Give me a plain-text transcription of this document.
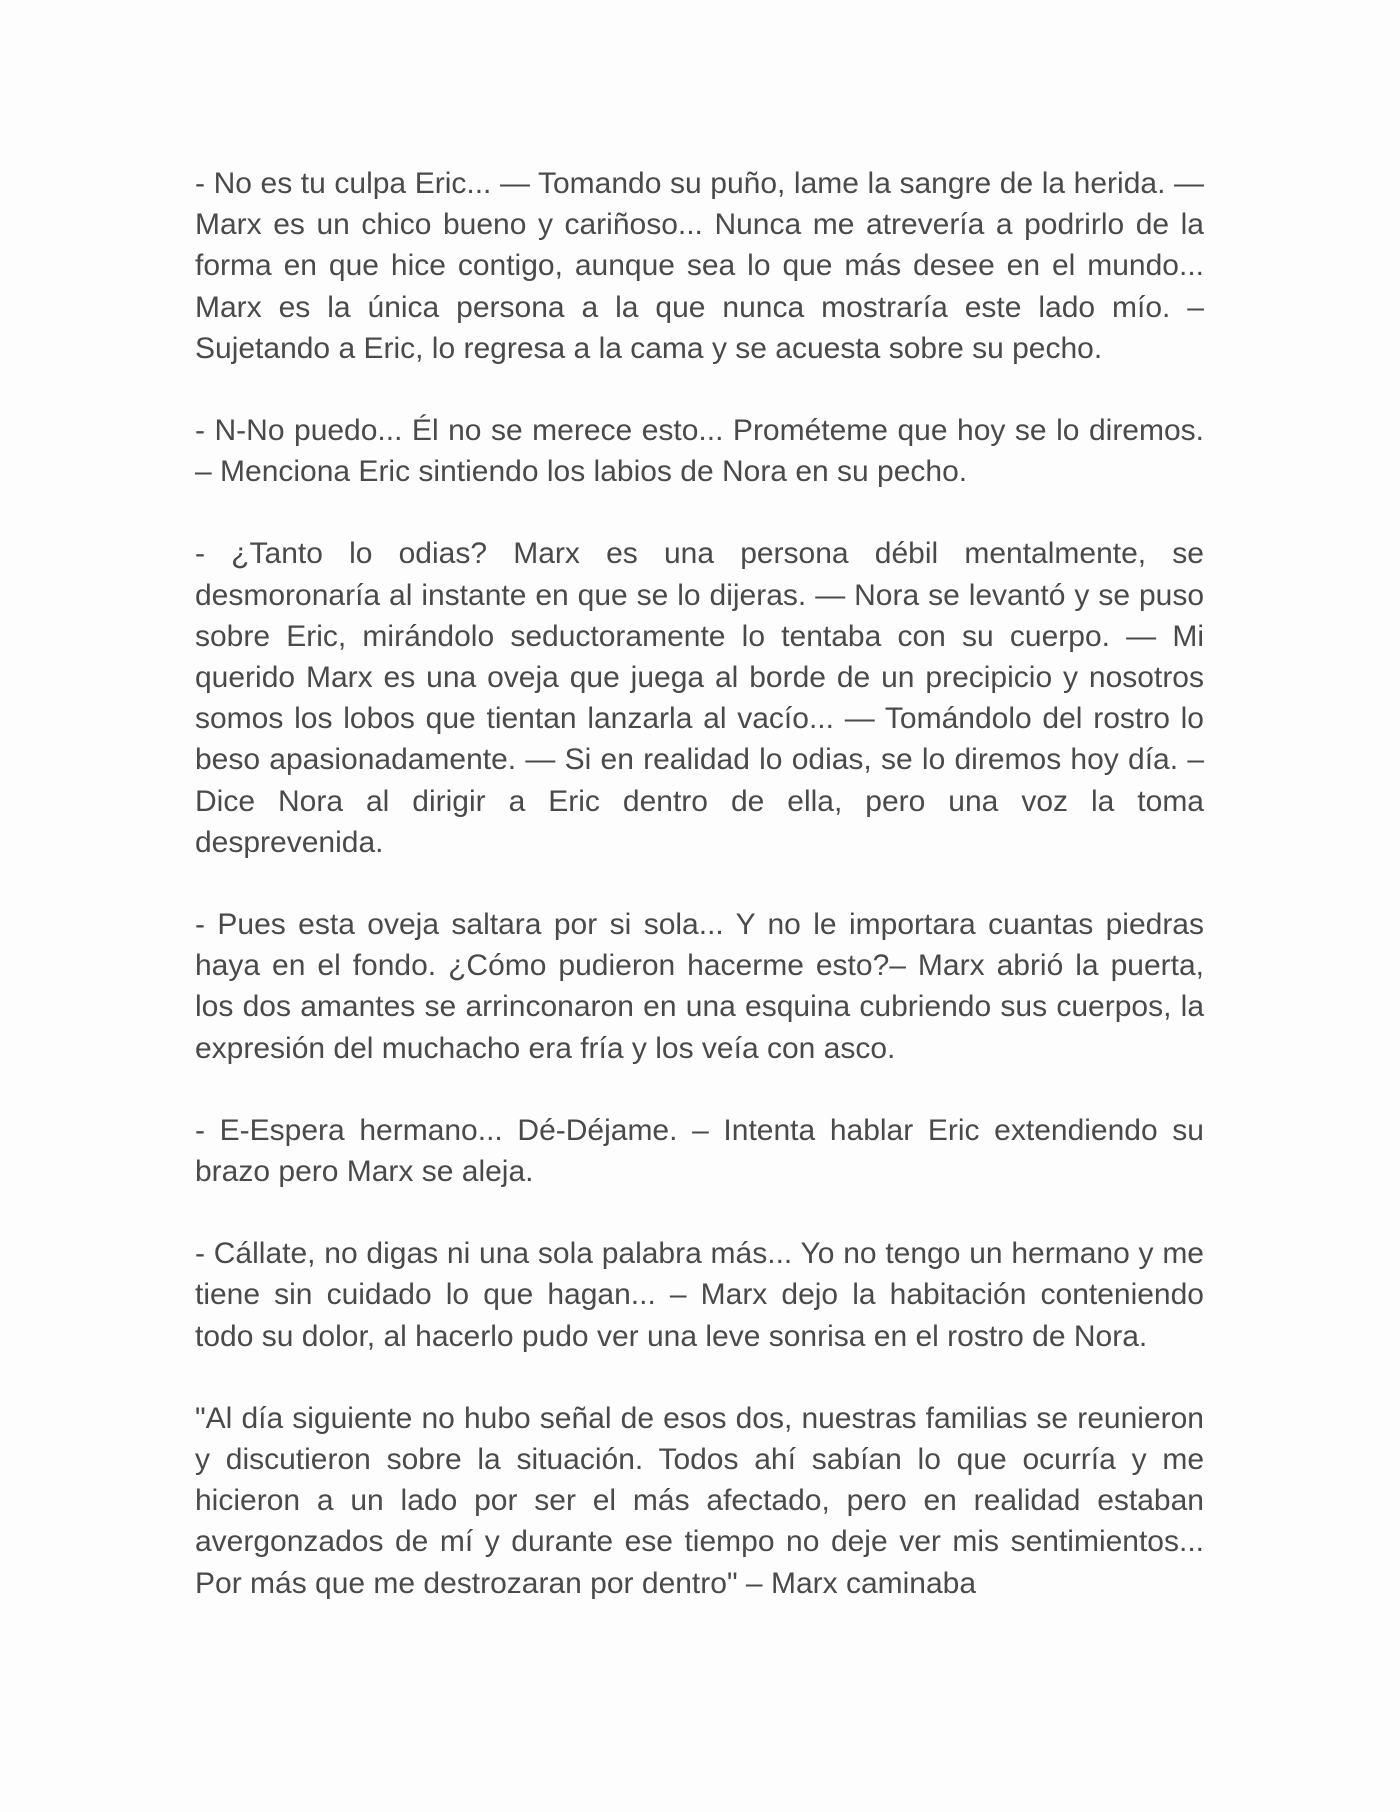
- No es tu culpa Eric... — Tomando su puño, lame la sangre de la herida. — Marx es un chico bueno y cariñoso... Nunca me atrevería a podrirlo de la forma en que hice contigo, aunque sea lo que más desee en el mundo... Marx es la única persona a la que nunca mostraría este lado mío. – Sujetando a Eric, lo regresa a la cama y se acuesta sobre su pecho.

- N-No puedo... Él no se merece esto... Prométeme que hoy se lo diremos. – Menciona Eric sintiendo los labios de Nora en su pecho.

- ¿Tanto lo odias? Marx es una persona débil mentalmente, se desmoronaría al instante en que se lo dijeras. — Nora se levantó y se puso sobre Eric, mirándolo seductoramente lo tentaba con su cuerpo. — Mi querido Marx es una oveja que juega al borde de un precipicio y nosotros somos los lobos que tientan lanzarla al vacío... — Tomándolo del rostro lo beso apasionadamente. — Si en realidad lo odias, se lo diremos hoy día. – Dice Nora al dirigir a Eric dentro de ella, pero una voz la toma desprevenida.

- Pues esta oveja saltara por si sola... Y no le importara cuantas piedras haya en el fondo. ¿Cómo pudieron hacerme esto?– Marx abrió la puerta, los dos amantes se arrinconaron en una esquina cubriendo sus cuerpos, la expresión del muchacho era fría y los veía con asco.

- E-Espera hermano... Dé-Déjame. – Intenta hablar Eric extendiendo su brazo pero Marx se aleja.

- Cállate, no digas ni una sola palabra más... Yo no tengo un hermano y me tiene sin cuidado lo que hagan... – Marx dejo la habitación conteniendo todo su dolor, al hacerlo pudo ver una leve sonrisa en el rostro de Nora.

"Al día siguiente no hubo señal de esos dos, nuestras familias se reunieron y discutieron sobre la situación. Todos ahí sabían lo que ocurría y me hicieron a un lado por ser el más afectado, pero en realidad estaban avergonzados de mí y durante ese tiempo no deje ver mis sentimientos... Por más que me destrozaran por dentro" – Marx caminaba
